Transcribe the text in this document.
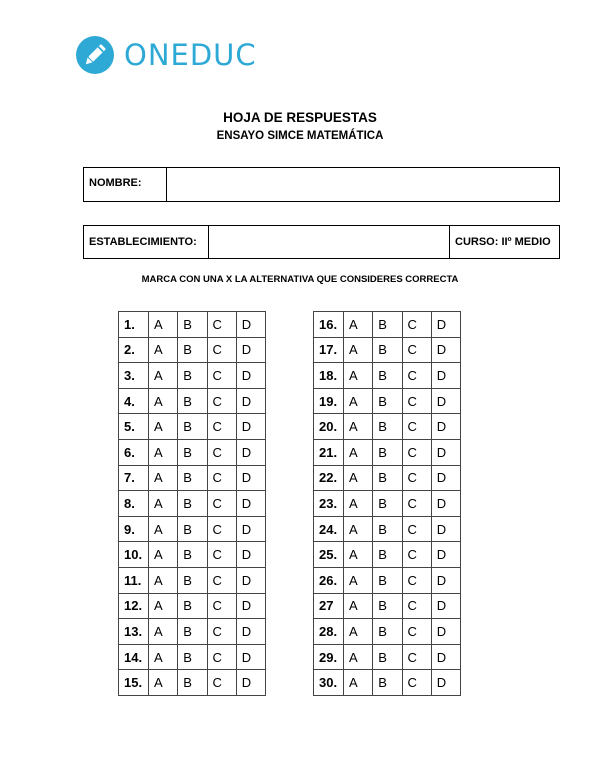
ONEDUC
HOJA DE RESPUESTAS
ENSAYO SIMCE MATEMÁTICA
NOMBRE:
ESTABLECIMIENTO:	CURSO: IIº MEDIO
MARCA CON UNA X LA ALTERNATIVA QUE CONSIDERES CORRECTA
1.	A	B	C	D
2.	A	B	C	D
3.	A	B	C	D
4.	A	B	C	D
5.	A	B	C	D
6.	A	B	C	D
7.	A	B	C	D
8.	A	B	C	D
9.	A	B	C	D
10.	A	B	C	D
11.	A	B	C	D
12.	A	B	C	D
13.	A	B	C	D
14.	A	B	C	D
15.	A	B	C	D
16.	A	B	C	D
17.	A	B	C	D
18.	A	B	C	D
19.	A	B	C	D
20.	A	B	C	D
21.	A	B	C	D
22.	A	B	C	D
23.	A	B	C	D
24.	A	B	C	D
25.	A	B	C	D
26.	A	B	C	D
27	A	B	C	D
28.	A	B	C	D
29.	A	B	C	D
30.	A	B	C	D
